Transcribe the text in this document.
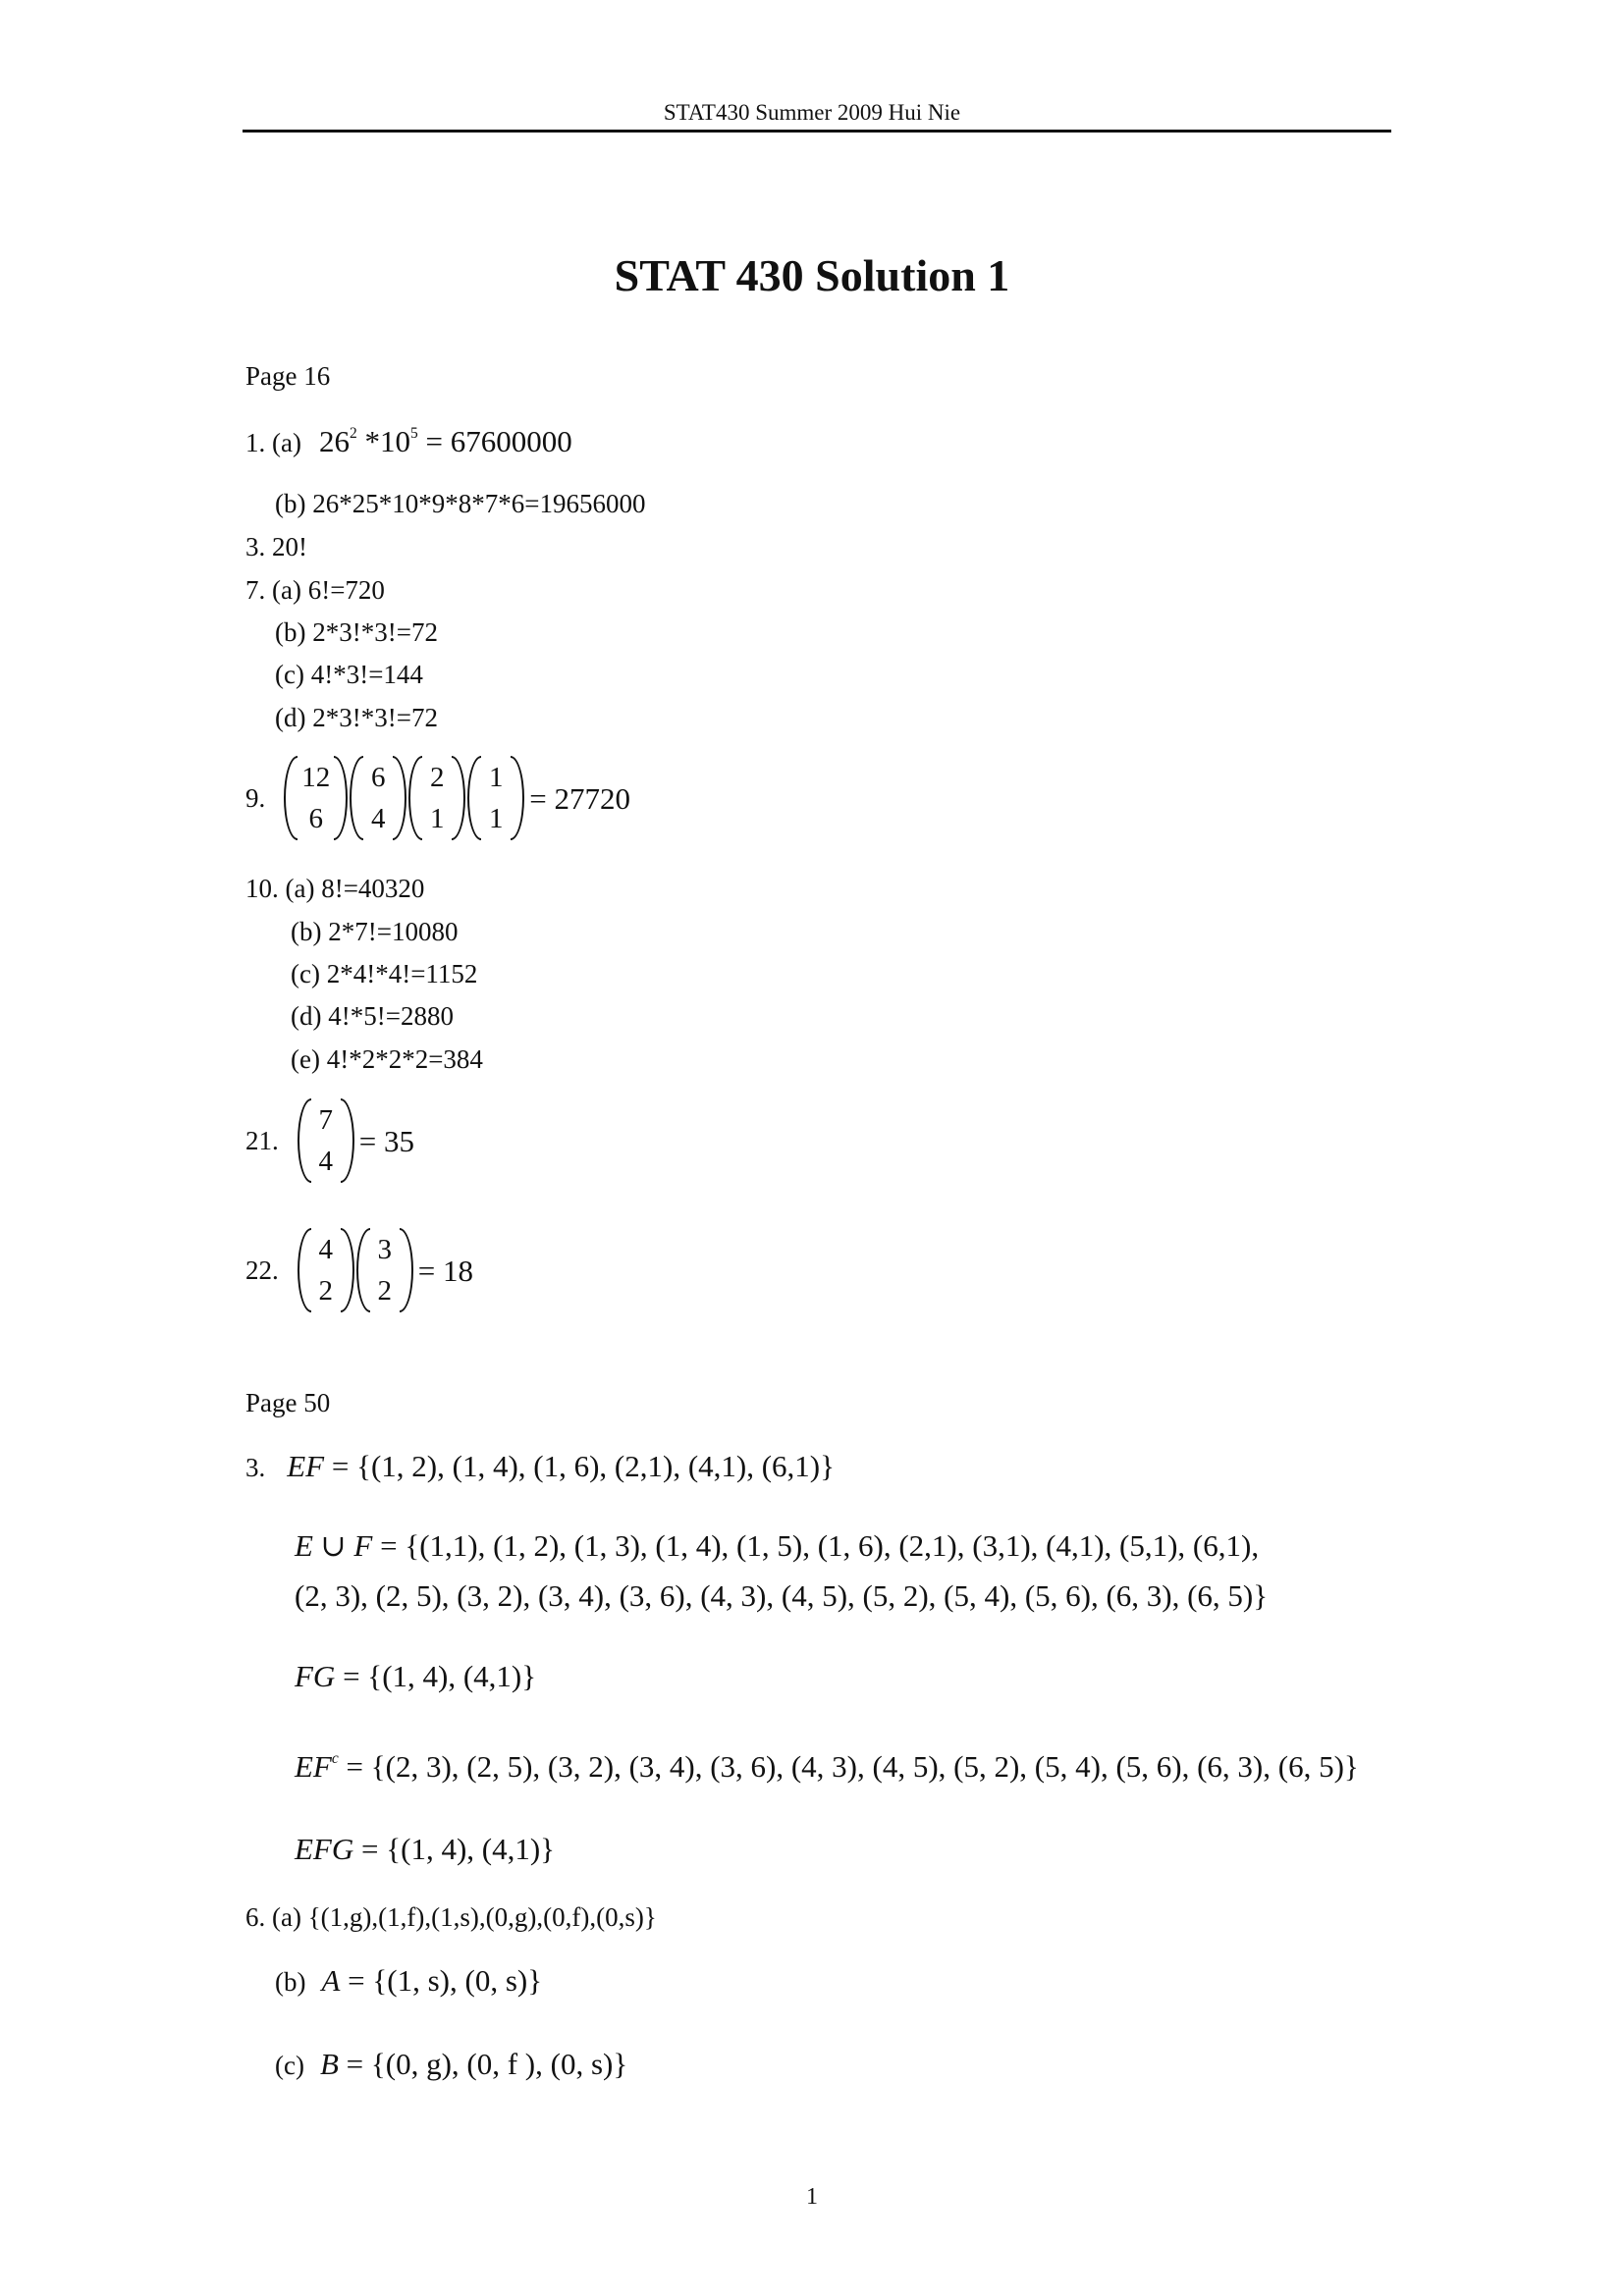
STAT430 Summer 2009 Hui Nie
STAT 430 Solution 1
Page 16
1. (a) $26^2$ $*10^5 = 67600000$
(b) 26*25*10*9*8*7*6=19656000
3. 20!
7. (a) 6!=720
(b) 2*3!*3!=72
(c) 4!*3!=144
(d) 2*3!*3!=72
9.
12
6
6
4
2
1
1
1
= 27720
10. (a) 8!=40320
(b) 2*7!=10080
(c) 2*4!*4!=1152
(d) 4!*5!=2880
(e) 4!*2*2*2=384
21.
7
4
= 35
22.
4
2
3
2
= 18
Page 50
3. EF = {(1, 2), (1, 4), (1, 6), (2,1), (4,1), (6,1)}
E ∪ F = {(1,1), (1, 2), (1, 3), (1, 4), (1, 5), (1, 6), (2,1), (3,1), (4,1), (5,1), (6,1),
(2, 3), (2, 5), (3, 2), (3, 4), (3, 6), (4, 3), (4, 5), (5, 2), (5, 4), (5, 6), (6, 3), (6, 5)}
FG = {(1, 4), (4,1)}
$EF^c = \{(2$, 3), (2, 5), (3, 2), (3, 4), (3, 6), (4, 3), (4, 5), (5, 2), (5, 4), (5, 6), (6, 3), (6, 5)}
EFG = {(1, 4), (4,1)}
6. (a) {(1,g),(1,f),(1,s),(0,g),(0,f),(0,s)}
(b) A = {(1, s), (0, s)}
(c) B = {(0, g), (0, f ), (0, s)}
1
